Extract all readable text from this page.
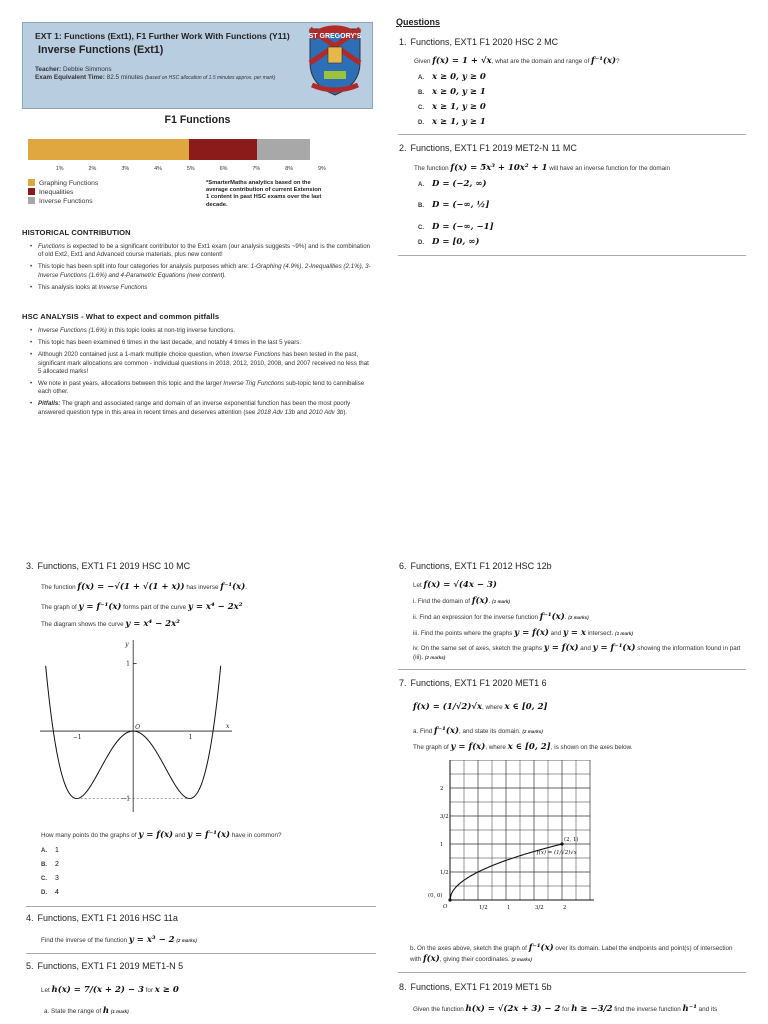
EXT 1: Functions (Ext1), F1 Further Work With Functions (Y11)
Inverse Functions (Ext1)
Teacher: Debbie Simmons
Exam Equivalent Time: 82.5 minutes (based on HSC allocation of 1.5 minutes approx. per mark)
ST GREGORY'S
F1 Functions
1%	2%	3%	4%	5%	6%	7%	8%	9%
Graphing Functions
Inequalities
Inverse Functions
*SmarterMaths analytics based on the average contribution of current Extension 1 content in past HSC exams over the last decade.
HISTORICAL CONTRIBUTION
• Functions is expected to be a significant contributor to the Ext1 exam (our analysis suggests ~9%) and is the combination of old Ext2, Ext1 and Advanced course materials, plus new content!
• This topic has been split into four categories for analysis purposes which are: 1-Graphing (4.9%), 2-Inequalities (2.1%), 3-Inverse Functions (1.6%) and 4-Parametric Equations (new content).
• This analysis looks at Inverse Functions
HSC ANALYSIS - What to expect and common pitfalls
• Inverse Functions (1.6%) in this topic looks at non-trig inverse functions.
• This topic has been examined 6 times in the last decade, and notably 4 times in the last 5 years.
• Although 2020 contained just a 1-mark multiple choice question, when Inverse Functions has been tested in the past, significant mark allocations are common - individual questions in 2018, 2012, 2010, 2008, and 2007 received no less that 5 allocated marks!
• We note in past years, allocations between this topic and the larger Inverse Trig Functions sub-topic tend to cannibalise each other.
• Pitfalls: The graph and associated range and domain of an inverse exponential function has been the most poorly answered question type in this area in recent times and deserves attention (see 2018 Adv 13b and 2010 Adv 3b).
Questions
1. Functions, EXT1 F1 2020 HSC 2 MC
Given f(x) = 1 + √x, what are the domain and range of f⁻¹(x)?
A. x ≥ 0, y ≥ 0
B. x ≥ 0, y ≥ 1
C. x ≥ 1, y ≥ 0
D. x ≥ 1, y ≥ 1
2. Functions, EXT1 F1 2019 MET2-N 11 MC
The function f(x) = 5x³ + 10x² + 1 will have an inverse function for the domain
A. D = (−2, ∞)
B. D = (−∞, ½]
C. D = (−∞, −1]
D. D = [0, ∞)
3. Functions, EXT1 F1 2019 HSC 10 MC
The function f(x) = −√(1 + √(1 + x)) has inverse f⁻¹(x).
The graph of y = f⁻¹(x) forms part of the curve y = x⁴ − 2x²
The diagram shows the curve y = x⁴ − 2x²
−1	1
1
−1
O	x
y
How many points do the graphs of y = f(x) and y = f⁻¹(x) have in common?
A. 1
B. 2
C. 3
D. 4
4. Functions, EXT1 F1 2016 HSC 11a
Find the inverse of the function y = x³ − 2 (2 marks)
5. Functions, EXT1 F1 2019 MET1-N 5
Let h(x) = 7/(x + 2) − 3 for x ≥ 0
a. State the range of h (1 mark)
6. Functions, EXT1 F1 2012 HSC 12b
Let f(x) = √(4x − 3)
i. Find the domain of f(x). (1 mark)
ii. Find an expression for the inverse function f⁻¹(x). (2 marks)
iii. Find the points where the graphs y = f(x) and y = x intersect. (1 mark)
iv. On the same set of axes, sketch the graphs y = f(x) and y = f⁻¹(x) showing the information found in part (iii). (2 marks)
7. Functions, EXT1 F1 2020 MET1 6
f(x) = (1/√2)√x, where x ∈ [0, 2]
a. Find f⁻¹(x), and state its domain. (2 marks)
The graph of y = f(x), where x ∈ [0, 2], is shown on the axes below.
1/2
1/2
1
1
3/2
3/2
2
2
(0, 0)
(2, 1)
f(x) = (1/√2)√x
O
b. On the axes above, sketch the graph of f⁻¹(x) over its domain. Label the endpoints and point(s) of intersection with f(x), giving their coordinates. (2 marks)
8. Functions, EXT1 F1 2019 MET1 5b
Given the function h(x) = √(2x + 3) − 2 for h ≥ −3/2 find the inverse function h⁻¹ and its
